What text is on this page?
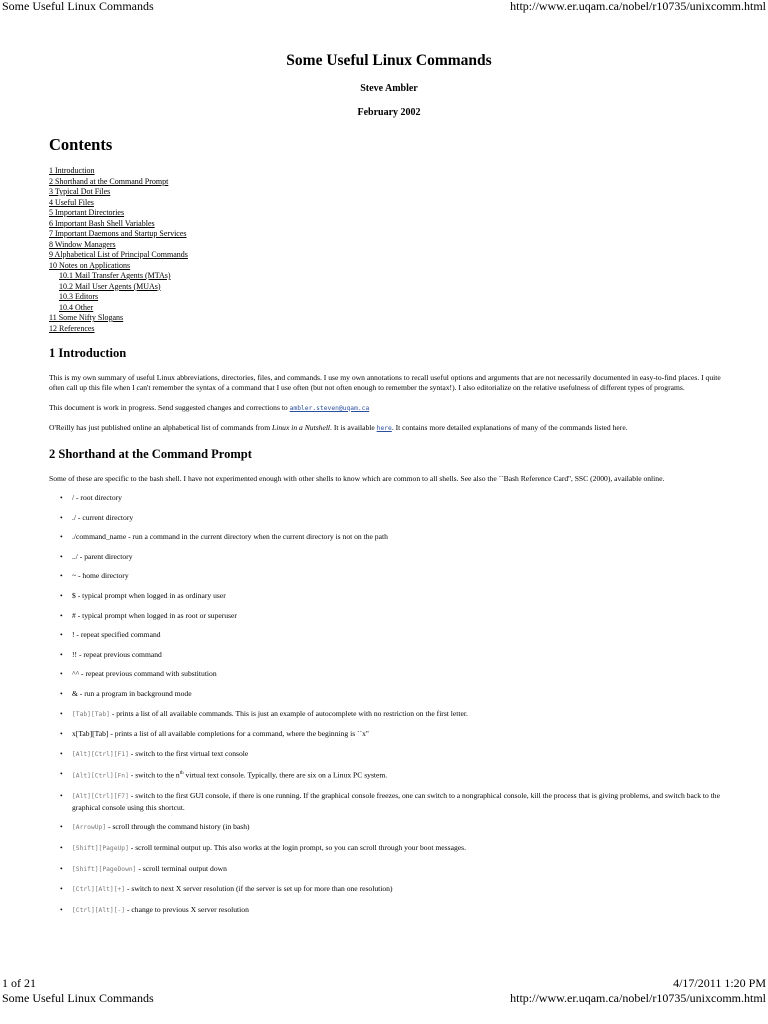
Some Useful Linux Commands	http://www.er.uqam.ca/nobel/r10735/unixcomm.html
Some Useful Linux Commands
Steve Ambler
February 2002
Contents
1 Introduction
2 Shorthand at the Command Prompt
3 Typical Dot Files
4 Useful Files
5 Important Directories
6 Important Bash Shell Variables
7 Important Daemons and Startup Services
8 Window Managers
9 Alphabetical List of Principal Commands
10 Notes on Applications
10.1 Mail Transfer Agents (MTAs)
10.2 Mail User Agents (MUAs)
10.3 Editors
10.4 Other
11 Some Nifty Slogans
12 References
1 Introduction

This is my own summary of useful Linux abbreviations, directories, files, and commands. I use my own annotations to recall useful options and arguments that are not necessarily documented in easy-to-find places. I quite often call up this file when I can't remember the syntax of a command that I use often (but not often enough to remember the syntax!). I also editorialize on the relative usefulness of different types of programs.

This document is work in progress. Send suggested changes and corrections to ambler.steven@uqam.ca

O'Reilly has just published online an alphabetical list of commands from Linux in a Nutshell. It is available here. It contains more detailed explanations of many of the commands listed here.

2 Shorthand at the Command Prompt

Some of these are specific to the bash shell. I have not experimented enough with other shells to know which are common to all shells. See also the ``Bash Reference Card'', SSC (2000), available online.

• / - root directory
• ./ - current directory
• ./command_name - run a command in the current directory when the current directory is not on the path
• ../ - parent directory
• ~ - home directory
• $ - typical prompt when logged in as ordinary user
• # - typical prompt when logged in as root or superuser
• ! - repeat specified command
• !! - repeat previous command
• ^^ - repeat previous command with substitution
• & - run a program in background mode
• [Tab][Tab] - prints a list of all available commands. This is just an example of autocomplete with no restriction on the first letter.
• x[Tab][Tab] - prints a list of all available completions for a command, where the beginning is ``x''
• [Alt][Ctrl][F1] - switch to the first virtual text console
• [Alt][Ctrl][Fn] - switch to the $n^{th}$ virtual text console. Typically, there are six on a Linux PC system.
• [Alt][Ctrl][F7] - switch to the first GUI console, if there is one running. If the graphical console freezes, one can switch to a nongraphical console, kill the process that is giving problems, and switch back to the graphical console using this shortcut.
• [ArrowUp] - scroll through the command history (in bash)
• [Shift][PageUp] - scroll terminal output up. This also works at the login prompt, so you can scroll through your boot messages.
• [Shift][PageDown] - scroll terminal output down
• [Ctrl][Alt][+] - switch to next X server resolution (if the server is set up for more than one resolution)
• [Ctrl][Alt][-] - change to previous X server resolution
1 of 21	4/17/2011 1:20 PM
Some Useful Linux Commands	http://www.er.uqam.ca/nobel/r10735/unixcomm.html
